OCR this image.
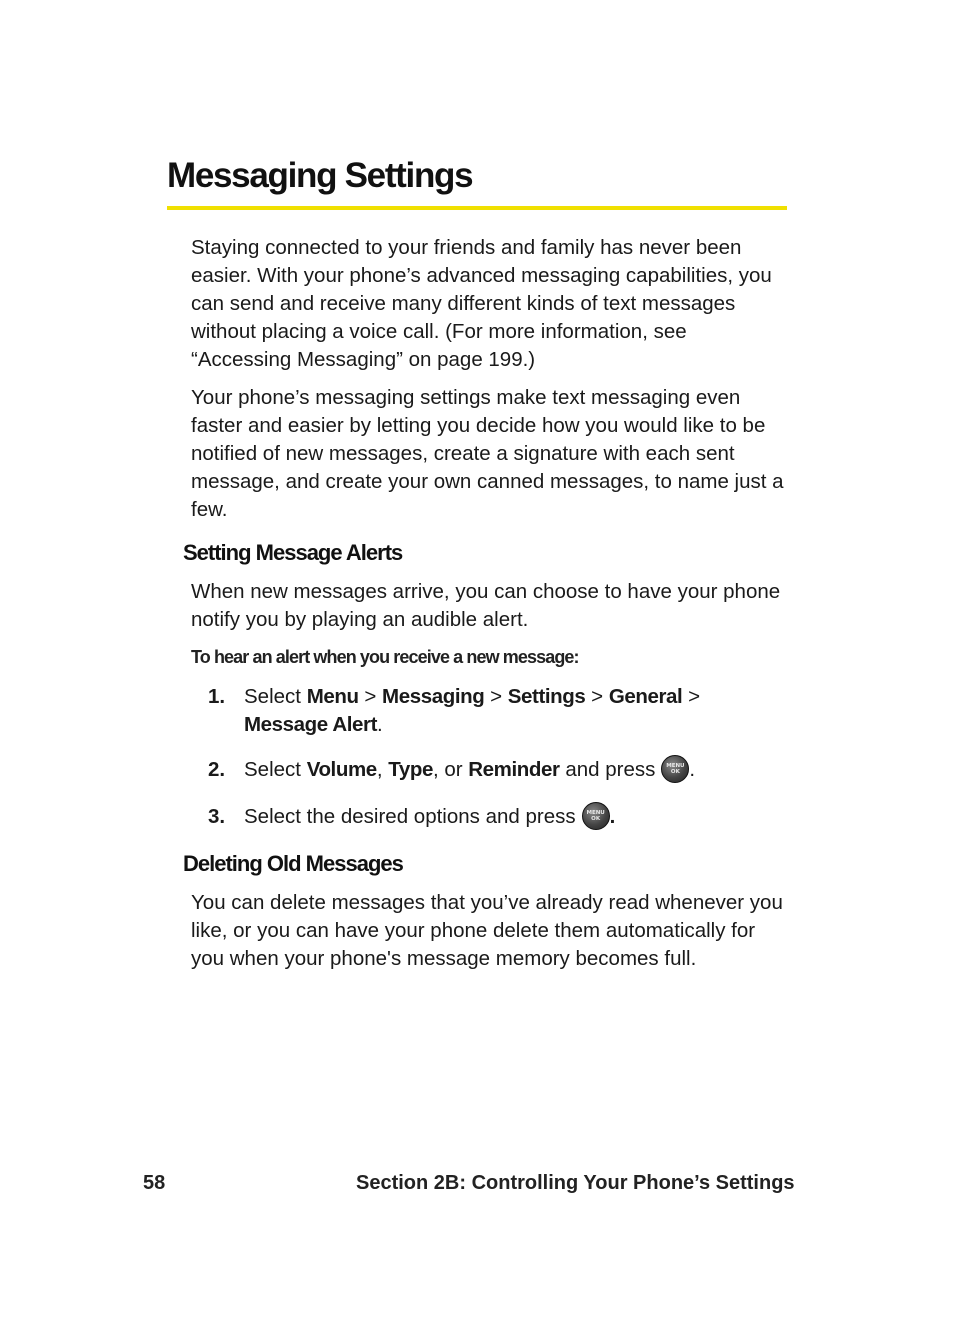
Messaging Settings

Staying connected to your friends and family has never been easier. With your phone’s advanced messaging capabilities, you can send and receive many different kinds of text messages without placing a voice call. (For more information, see “Accessing Messaging” on page 199.)

Your phone’s messaging settings make text messaging even faster and easier by letting you decide how you would like to be notified of new messages, create a signature with each sent message, and create your own canned messages, to name just a few.

Setting Message Alerts

When new messages arrive, you can choose to have your phone notify you by playing an audible alert.

To hear an alert when you receive a new message:

1. Select Menu > Messaging > Settings > General >
Message Alert.
2. Select Volume, Type, or Reminder and press	MENU
OK .
3. Select the desired options and press	MENU
OK .
Deleting Old Messages

You can delete messages that you’ve already read whenever you like, or you can have your phone delete them automatically for you when your phone's message memory becomes full.

58	Section 2B: Controlling Your Phone’s Settings
